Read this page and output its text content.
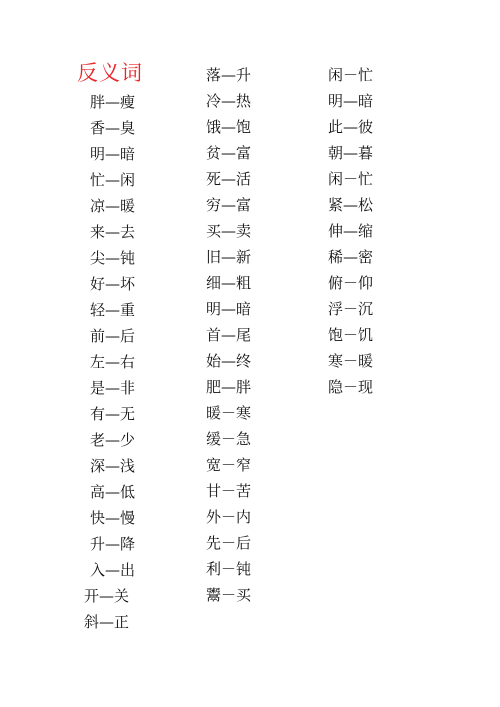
反义词
胖—瘦
香—臭
明—暗
忙—闲
凉—暖
来—去
尖—钝
好—坏
轻—重
前—后
左—右
是—非
有—无
老—少
深—浅
高—低
快—慢
升—降
入—出
开—关
斜—正
落—升
冷—热
饿—饱
贫—富
死—活
穷—富
买—卖
旧—新
细—粗
明—暗
首—尾
始—终
肥—胖
暖－寒
缓－急
宽－窄
甘－苦
外－内
先－后
利－钝
鬻－买
闲－忙
明—暗
此—彼
朝—暮
闲－忙
紧—松
伸—缩
稀—密
俯－仰
浮－沉
饱－饥
寒－暖
隐－现
